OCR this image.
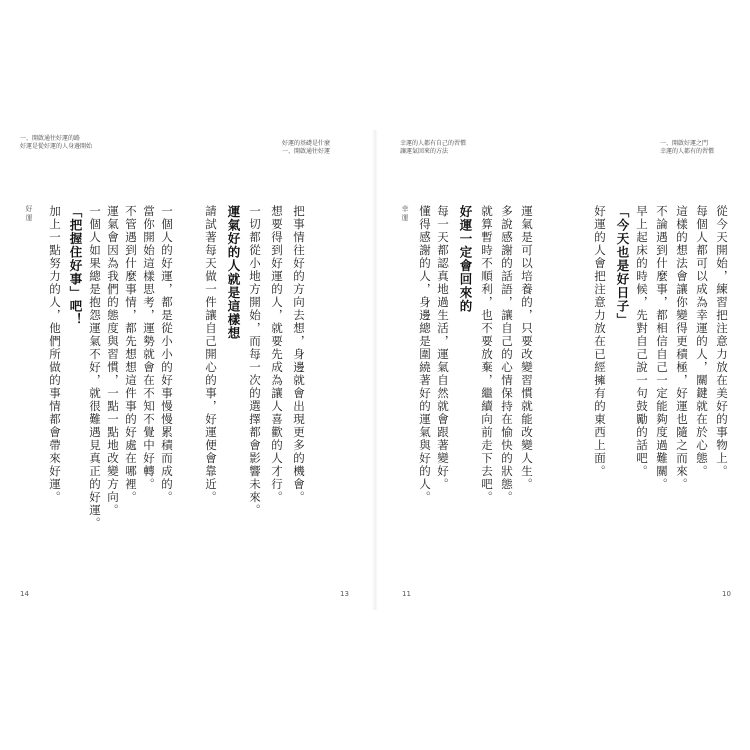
一、開啟通往好運的路
好運是從好運的人身邊開始	好運的基礎是什麼
一、開啟通往好運
幸運的人都有自己的習慣
讓運氣回來的方法
一、開啟好運之門
幸運的人都有的習慣
好運 加上一點努力的人，他們所做的事情都會帶來好運。 「把握住好事」吧！ 一個人如果總是抱怨運氣不好，就很難遇見真正的好運。 運氣會因為我們的態度與習慣，一點一點地改變方向。 不管遇到什麼事情，都先想想這件事的好處在哪裡。 當你開始這樣思考，運勢就會在不知不覺中好轉。 一個人的好運，都是從小小的好事慢慢累積而成的。	請試著每天做一件讓自己開心的事，好運便會靠近。 運氣好的人就是這樣想 一切都從小地方開始，而每一次的選擇都會影響未來。 想要得到好運的人，就要先成為讓人喜歡的人才行。 把事情往好的方向去想，身邊就會出現更多的機會。	幸運 懂得感謝的人，身邊總是圍繞著好的運氣與好的人。 每一天都認真地過生活，運氣自然就會跟著變好。 好運一定會回來的 就算暫時不順利，也不要放棄，繼續向前走下去吧。 多說感謝的話語，讓自己的心情保持在愉快的狀態。 運氣是可以培養的，只要改變習慣就能改變人生。	好運的人會把注意力放在已經擁有的東西上面。 「今天也是好日子」 早上起床的時候，先對自己說一句鼓勵的話吧。 不論遇到什麼事，都相信自己一定能夠度過難關。 這樣的想法會讓你變得更積極，好運也隨之而來。 每個人都可以成為幸運的人，關鍵就在於心態。 從今天開始，練習把注意力放在美好的事物上。
14	13	11	10
